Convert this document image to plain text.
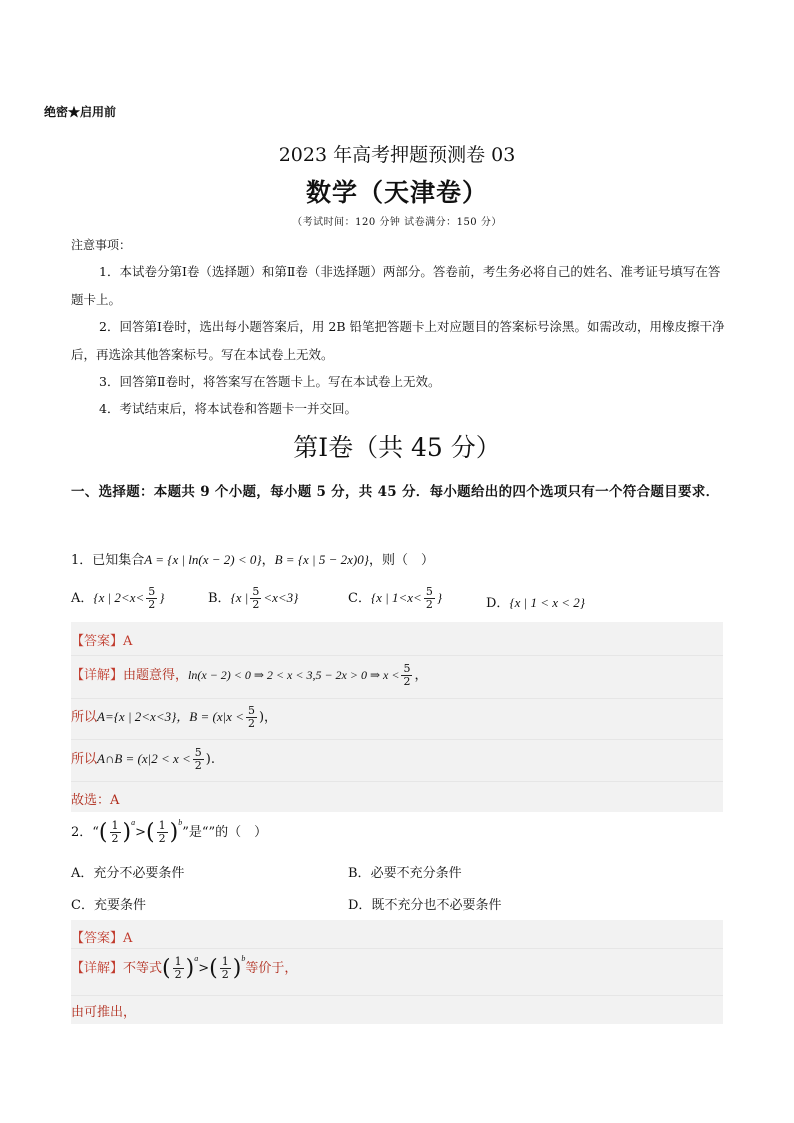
绝密★启用前
2023 年高考押题预测卷 03
数学（天津卷）
（考试时间：120 分钟 试卷满分：150 分）
注意事项：
1．本试卷分第Ⅰ卷（选择题）和第Ⅱ卷（非选择题）两部分。答卷前，考生务必将自己的姓名、准考证号填写在答题卡上。
2．回答第Ⅰ卷时，选出每小题答案后，用 2B 铅笔把答题卡上对应题目的答案标号涂黑。如需改动，用橡皮擦干净后，再选涂其他答案标号。写在本试卷上无效。
3．回答第Ⅱ卷时，将答案写在答题卡上。写在本试卷上无效。
4．考试结束后，将本试卷和答题卡一并交回。
第Ⅰ卷（共 45 分）
一、选择题：本题共 9 个小题，每小题 5 分，共 45 分．每小题给出的四个选项只有一个符合题目要求．
1．已知集合A = {x | ln(x − 2) < 0}，B = {x | 5 − 2x)0}，则（　）
A．{x | $2<x< \frac{5}{2}$ }	B．{x | $\frac{5}{2} <x<3$}	C．{x | $1<x< \frac{5}{2}$ }	D．{x | 1 < x < 2}
【答案】A
【详解】由题意得，ln(x − 2) < 0 ⇒ 2 < x < 3,5 − 2x > 0 ⇒ $x < \frac{5}{2}$ ，
所以A={x | 2<x<3}，$B = (x|x < \frac{5}{2}$ )，
所以A∩B = ($x|2 < x < \frac{5}{2}$ ).
故选：A
2．“( $\frac{1}{2} )^a>( \frac{1}{2} )^b$”是“”的（　）
A．充分不必要条件	B．必要不充分条件
C．充要条件	D．既不充分也不必要条件
【答案】A
【详解】不等式( $\frac{1}{2} )^a>( \frac{1}{2} )^b$等价于，
由可推出，
